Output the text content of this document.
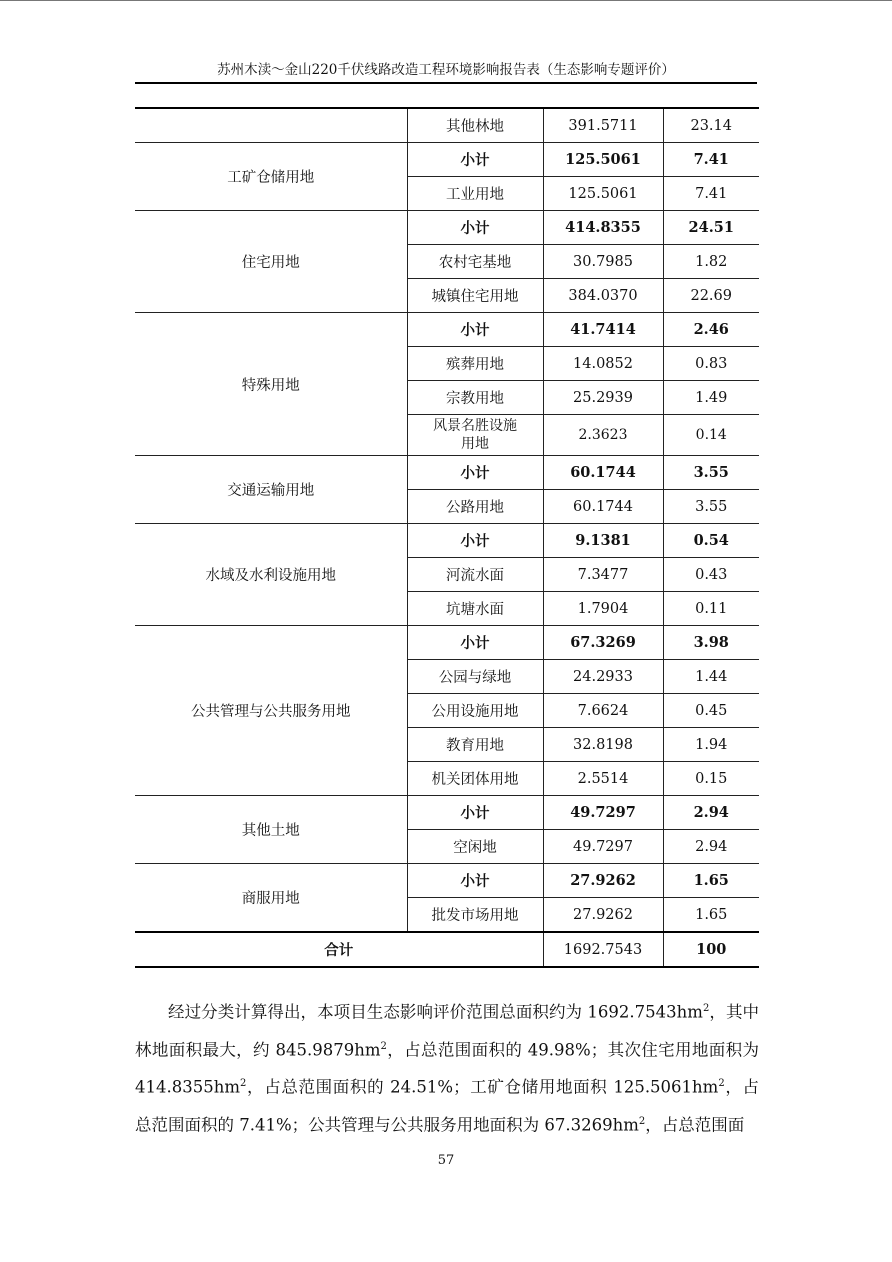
苏州木渎～金山220千伏线路改造工程环境影响报告表（生态影响专题评价）
	其他林地	391.5711	23.14
工矿仓储用地	小计	125.5061	7.41
	工业用地	125.5061	7.41
住宅用地	小计	414.8355	24.51
	农村宅基地	30.7985	1.82
	城镇住宅用地	384.0370	22.69
特殊用地	小计	41.7414	2.46
	殡葬用地	14.0852	0.83
	宗教用地	25.2939	1.49
	风景名胜设施用地	2.3623	0.14
交通运输用地	小计	60.1744	3.55
	公路用地	60.1744	3.55
水域及水利设施用地	小计	9.1381	0.54
	河流水面	7.3477	0.43
	坑塘水面	1.7904	0.11
公共管理与公共服务用地	小计	67.3269	3.98
	公园与绿地	24.2933	1.44
	公用设施用地	7.6624	0.45
	教育用地	32.8198	1.94
	机关团体用地	2.5514	0.15
其他土地	小计	49.7297	2.94
	空闲地	49.7297	2.94
商服用地	小计	27.9262	1.65
	批发市场用地	27.9262	1.65
合计		1692.7543	100

经过分类计算得出，本项目生态影响评价范围总面积约为 $1692.7543hm^2$，其中林地面积最大，约 $845.9879hm^2$，占总范围面积的 49.98%；其次住宅用地面积为 $414.8355hm^2$，占总范围面积的 24.51%；工矿仓储用地面积 $125.5061hm^2$，占总范围面积的 7.41%；公共管理与公共服务用地面积为 $67.3269hm^2$，占总范围面

57
